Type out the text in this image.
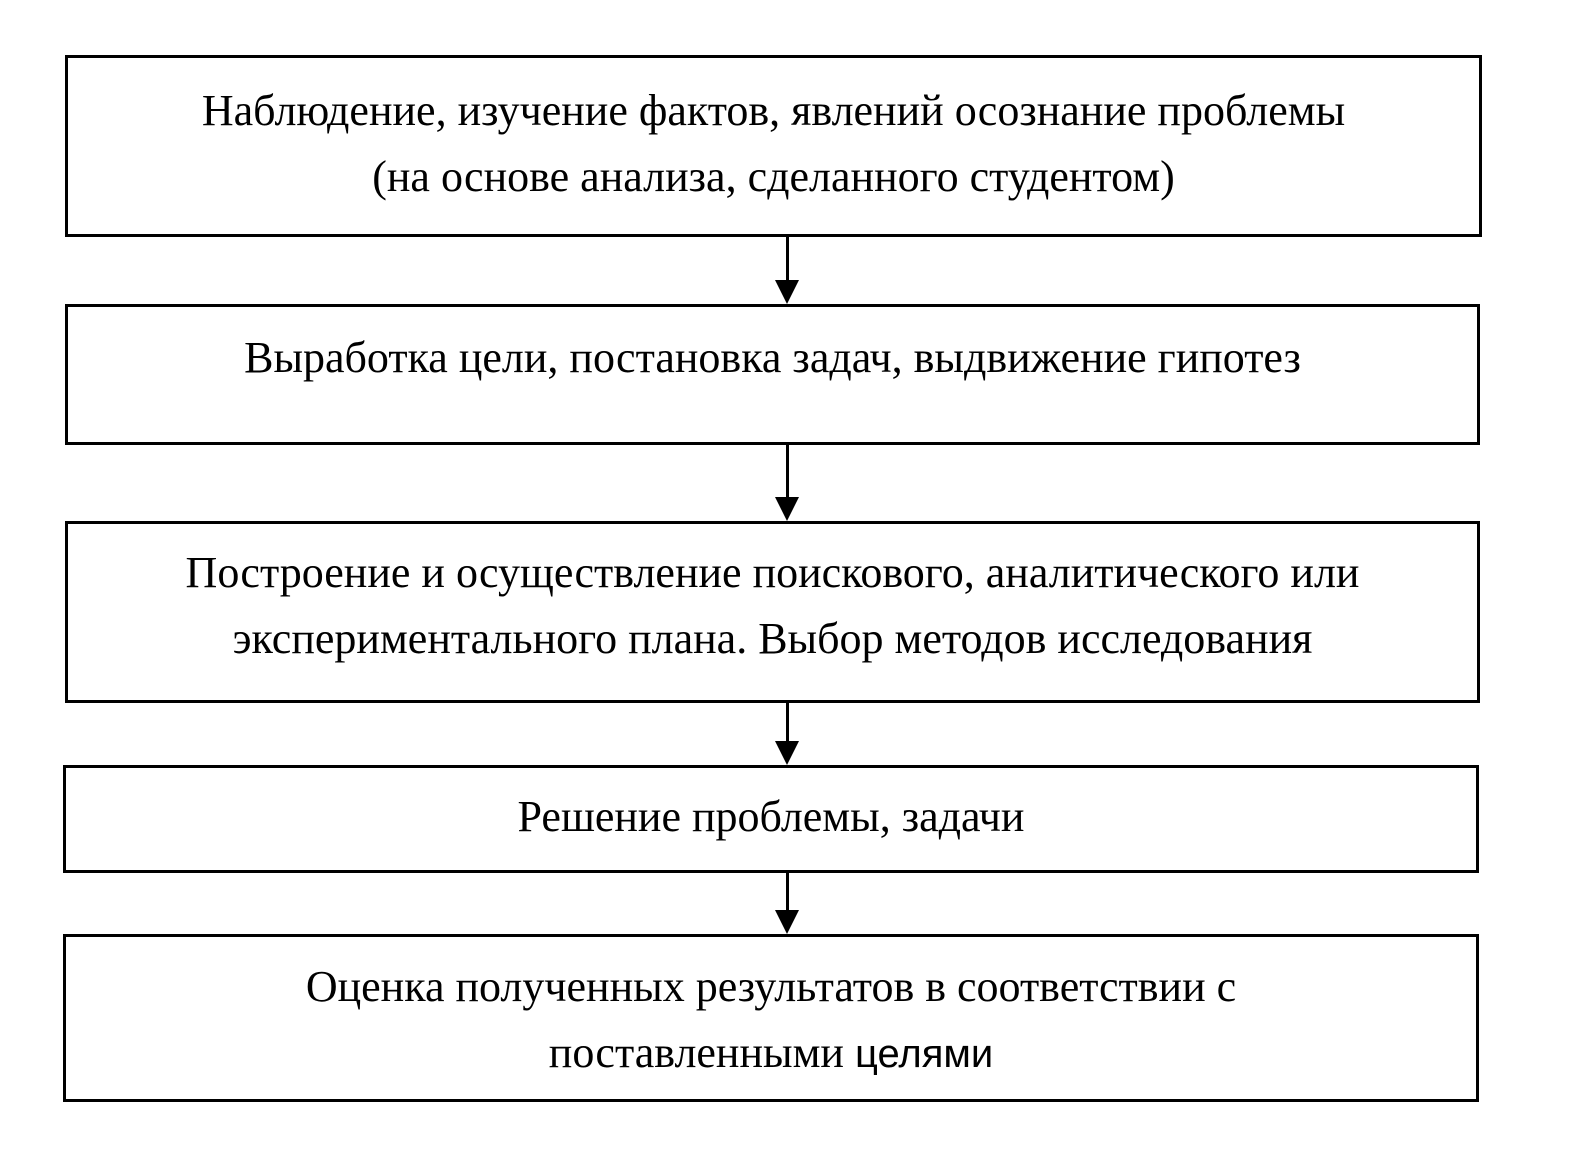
Наблюдение, изучение фактов, явлений осознание проблемы
(на основе анализа, сделанного студентом)
Выработка цели, постановка задач, выдвижение гипотез
Построение и осуществление поискового, аналитического или
экспериментального плана. Выбор методов исследования
Решение проблемы, задачи
Оценка полученных результатов в соответствии с
поставленными целями
